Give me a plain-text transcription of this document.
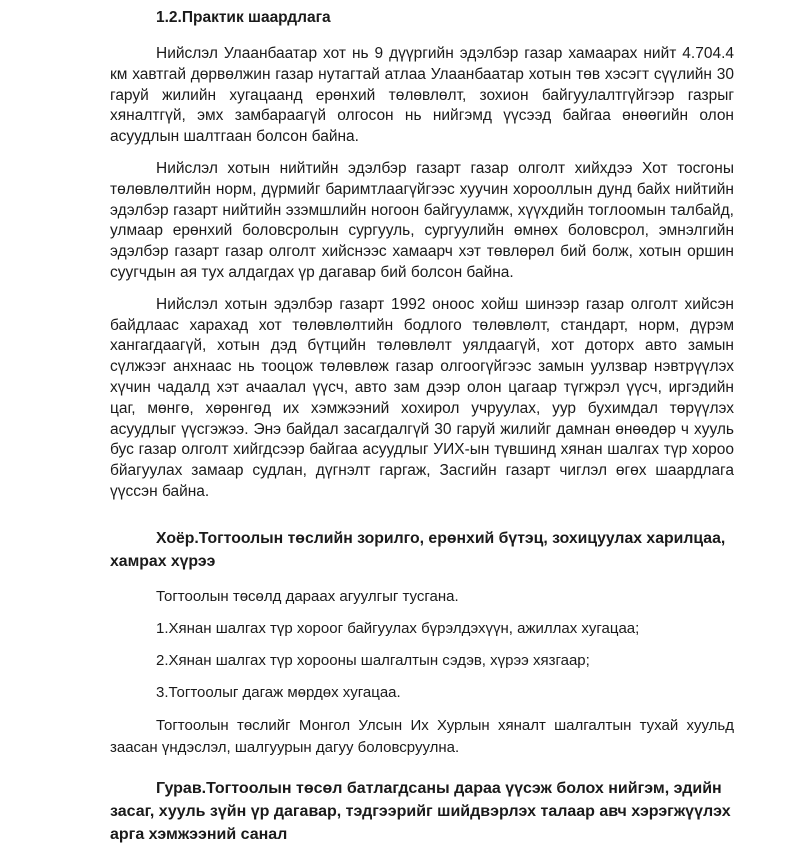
1.2.Практик шаардлага

Нийслэл Улаанбаатар хот нь 9 дүүргийн эдэлбэр газар хамаарах нийт 4.704.4 км хавтгай дөрвөлжин газар нутагтай атлаа Улаанбаатар хотын төв хэсэгт сүүлийн 30 гаруй жилийн хугацаанд ерөнхий төлөвлөлт, зохион байгуулалтгүйгээр газрыг хяналтгүй, эмх замбараагүй олгосон нь нийгэмд үүсээд байгаа өнөөгийн олон асуудлын шалтгаан болсон байна.

Нийслэл хотын нийтийн эдэлбэр газарт газар олголт хийхдээ Хот тосгоны төлөвлөлтийн норм, дүрмийг баримтлаагүйгээс хуучин хорооллын дунд байх нийтийн эдэлбэр газарт нийтийн эзэмшлийн ногоон байгууламж, хүүхдийн тоглоомын талбайд, улмаар ерөнхий боловсролын сургууль, сургуулийн өмнөх боловсрол, эмнэлгийн эдэлбэр газарт газар олголт хийснээс хамаарч хэт төвлөрөл бий болж, хотын оршин суугчдын ая тух алдагдах үр дагавар бий болсон байна.

Нийслэл хотын эдэлбэр газарт 1992 оноос хойш шинээр газар олголт хийсэн байдлаас харахад хот төлөвлөлтийн бодлого төлөвлөлт, стандарт, норм, дүрэм хангагдаагүй, хотын дэд бүтцийн төлөвлөлт уялдаагүй, хот доторх авто замын сүлжээг анхнаас нь тооцож төлөвлөж газар олгоогүйгээс замын уулзвар нэвтрүүлэх хүчин чадалд хэт ачаалал үүсч, авто зам дээр олон цагаар түгжрэл үүсч, иргэдийн цаг, мөнгө, хөрөнгөд их хэмжээний хохирол учруулах, уур бухимдал төрүүлэх асуудлыг үүсгэжээ. Энэ байдал засагдалгүй 30 гаруй жилийг дамнан өнөөдөр ч хууль бус газар олголт хийгдсээр байгаа асуудлыг УИХ-ын түвшинд хянан шалгах түр хороо бйагуулах замаар судлан, дүгнэлт гаргаж, Засгийн газарт чиглэл өгөх шаардлага үүссэн байна.

Хоёр.Тогтоолын төслийн зорилго, ерөнхий бүтэц, зохицуулах харилцаа, хамрах хүрээ

Тогтоолын төсөлд дараах агуулгыг тусгана.

1.Хянан шалгах түр хороог байгуулах бүрэлдэхүүн, ажиллах хугацаа;

2.Хянан шалгах түр хорооны шалгалтын сэдэв, хүрээ хязгаар;

3.Тогтоолыг дагаж мөрдөх хугацаа.

Тогтоолын төслийг Монгол Улсын Их Хурлын хяналт шалгалтын тухай хуульд заасан үндэслэл, шалгуурын дагуу боловсруулна.

Гурав.Тогтоолын төсөл батлагдсаны дараа үүсэж болох нийгэм, эдийн засаг, хууль зүйн үр дагавар, тэдгээрийг шийдвэрлэх талаар авч хэрэгжүүлэх арга хэмжээний санал
